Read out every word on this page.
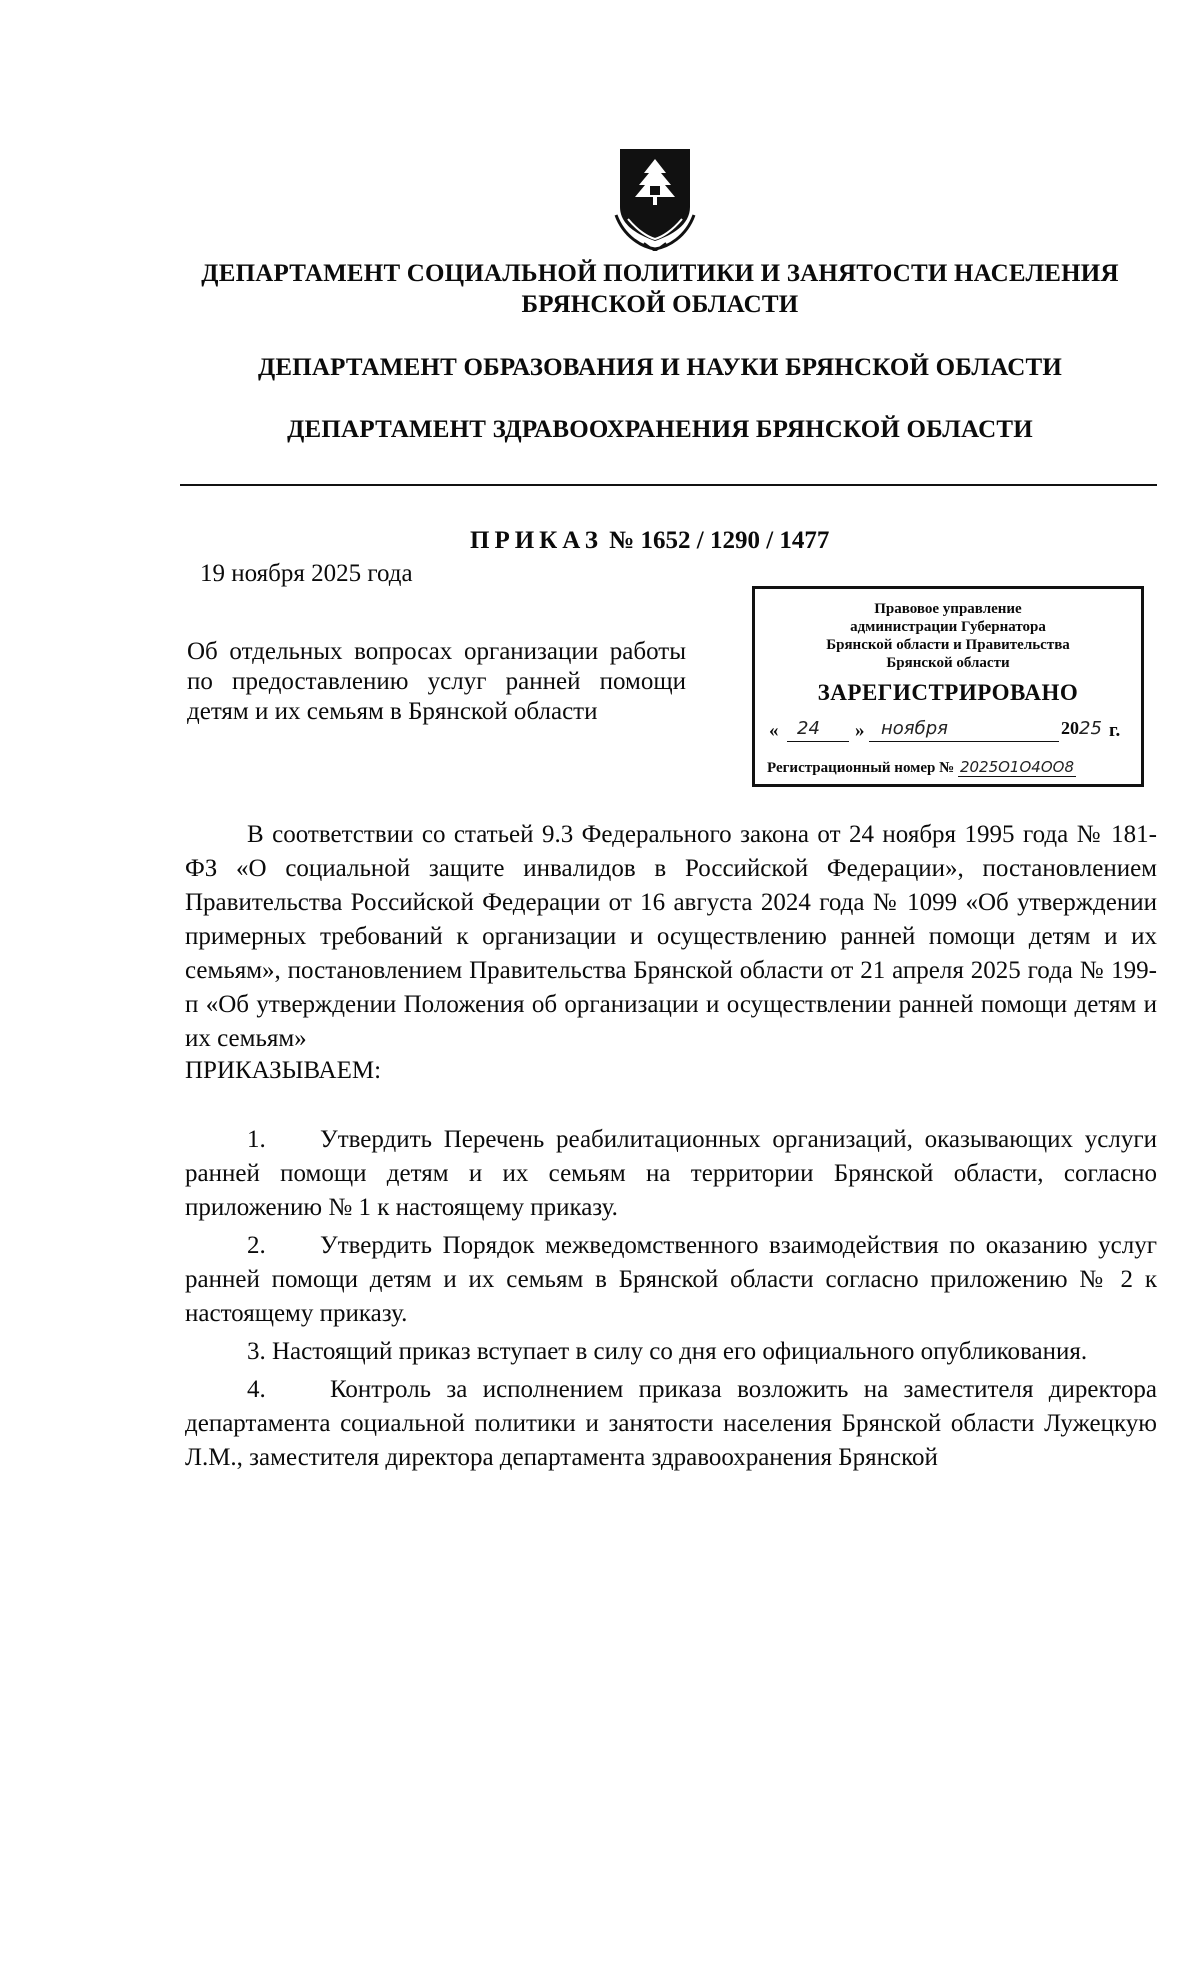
ДЕПАРТАМЕНТ СОЦИАЛЬНОЙ ПОЛИТИКИ И ЗАНЯТОСТИ НАСЕЛЕНИЯ БРЯНСКОЙ ОБЛАСТИ
ДЕПАРТАМЕНТ ОБРАЗОВАНИЯ И НАУКИ БРЯНСКОЙ ОБЛАСТИ
ДЕПАРТАМЕНТ ЗДРАВООХРАНЕНИЯ БРЯНСКОЙ ОБЛАСТИ
ПРИКАЗ № 1652 / 1290 / 1477
19 ноября 2025 года
Об отдельных вопросах организации работы по предоставлению услуг ранней помощи детям и их семьям в Брянской области
Правовое управление
администрации Губернатора
Брянской области и Правительства
Брянской области
ЗАРЕГИСТРИРОВАНО
« 24 » ноября	2025 г.
Регистрационный номер № 2025О1О4ОО8
В соответствии со статьей 9.3 Федерального закона от 24 ноября 1995 года № 181-ФЗ «О социальной защите инвалидов в Российской Федерации», постановлением Правительства Российской Федерации от 16 августа 2024 года № 1099 «Об утверждении примерных требований к организации и осуществлению ранней помощи детям и их семьям», постановлением Правительства Брянской области от 21 апреля 2025 года № 199-п «Об утверждении Положения об организации и осуществлении ранней помощи детям и их семьям»
ПРИКАЗЫВАЕМ:
1. Утвердить Перечень реабилитационных организаций, оказывающих услуги ранней помощи детям и их семьям на территории Брянской области, согласно приложению № 1 к настоящему приказу.
2. Утвердить Порядок межведомственного взаимодействия по оказанию услуг ранней помощи детям и их семьям в Брянской области согласно приложению № 2 к настоящему приказу.
3. Настоящий приказ вступает в силу со дня его официального опубликования.
4.	Контроль за исполнением приказа возложить на заместителя директора департамента социальной политики и занятости населения Брянской области Лужецкую Л.М., заместителя директора департамента здравоохранения Брянской
